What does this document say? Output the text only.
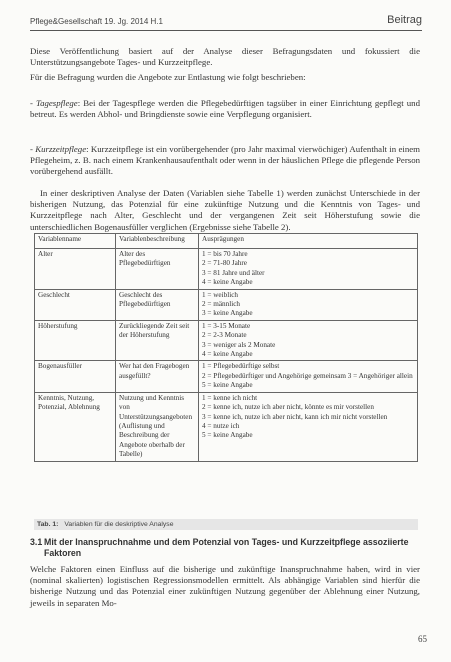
Pflege&Gesellschaft 19. Jg. 2014 H.1	Beitrag
Diese Veröffentlichung basiert auf der Analyse dieser Befragungsdaten und fokussiert die Unterstützungsangebote Tages- und Kurzzeitpflege.
Für die Befragung wurden die Angebote zur Entlastung wie folgt beschrieben:
- Tagespflege: Bei der Tagespflege werden die Pflegebedürftigen tagsüber in einer Einrichtung gepflegt und betreut. Es werden Abhol- und Bringdienste sowie eine Verpflegung organisiert.
- Kurzzeitpflege: Kurzzeitpflege ist ein vorübergehender (pro Jahr maximal vierwöchiger) Aufenthalt in einem Pflegeheim, z. B. nach einem Krankenhausaufenthalt oder wenn in der häuslichen Pflege die pflegende Person vorübergehend ausfällt.
In einer deskriptiven Analyse der Daten (Variablen siehe Tabelle 1) werden zunächst Unterschiede in der bisherigen Nutzung, das Potenzial für eine zukünftige Nutzung und die Kenntnis von Tages- und Kurzzeitpflege nach Alter, Geschlecht und der vergangenen Zeit seit Höherstufung sowie die unterschiedlichen Bogenausfüller verglichen (Ergebnisse siehe Tabelle 2).
Variablenname	Variablenbeschreibung	Ausprägungen
Alter	Alter des Pflegebedürftigen	1 = bis 70 Jahre
2 = 71-80 Jahre
3 = 81 Jahre und älter
4 = keine Angabe

Geschlecht	Geschlecht des Pflegebedürftigen	1 = weiblich
2 = männlich
3 = keine Angabe

Höherstufung	Zurückliegende Zeit seit der Höherstufung	1 = 3-15 Monate
2 = 2-3 Monate
3 = weniger als 2 Monate
4 = keine Angabe

Bogenausfüller	Wer hat den Fragebogen ausgefüllt?	1 = Pflegebedürftige selbst
2 = Pflegebedürftiger und Angehörige gemeinsam 3 = Angehöriger allein
5 = keine Angabe

Kenntnis, Nutzung, Potenzial, Ablehnung	Nutzung und Kenntnis von Unterstützungsangeboten (Auflistung und Beschreibung der Angebote oberhalb der Tabelle)	1 = kenne ich nicht
2 = kenne ich, nutze ich aber nicht, könnte es mir vorstellen
3 = kenne ich, nutze ich aber nicht, kann ich mir nicht vorstellen
4 = nutze ich
5 = keine Angabe
Tab. 1: Variablen für die deskriptive Analyse
3.1 Mit der Inanspruchnahme und dem Potenzial von Tages- und Kurzzeitpflege assoziierte Faktoren
Welche Faktoren einen Einfluss auf die bisherige und zukünftige Inanspruchnahme haben, wird in vier (nominal skalierten) logistischen Regressionsmodellen ermittelt. Als abhängige Variablen sind hierfür die bisherige Nutzung und das Potenzial einer zukünftigen Nutzung gegenüber der Ablehnung einer Nutzung, jeweils in separaten Mo-
65
